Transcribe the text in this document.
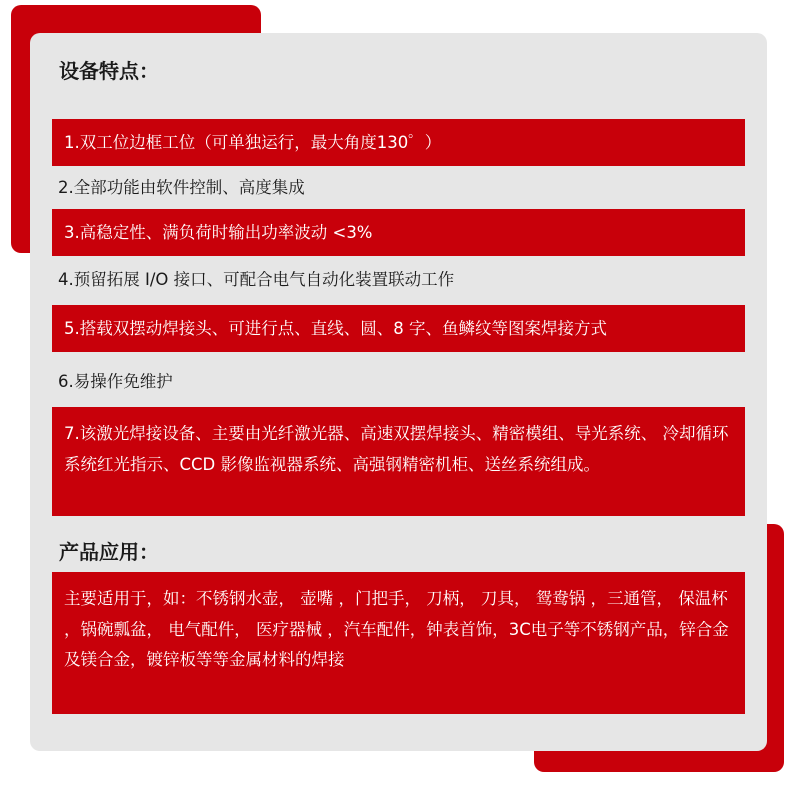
设备特点：
1.双工位边框工位（可单独运行，最大角度130゜）
2.全部功能由软件控制、高度集成
3.高稳定性、满负荷时输出功率波动 <3%
4.预留拓展 I/O 接口、可配合电气自动化装置联动工作
5.搭载双摆动焊接头、可进行点、直线、圆、8 字、鱼鳞纹等图案焊接方式
6.易操作免维护
7.该激光焊接设备、主要由光纤激光器、高速双摆焊接头、精密模组、导光系统、 冷却循环系统红光指示、CCD 影像监视器系统、高强钢精密机柜、送丝系统组成。
产品应用：
主要适用于，如：不锈钢水壶， 壶嘴 ，门把手， 刀柄， 刀具， 鸳鸯锅 ，三通管， 保温杯 ，锅碗瓢盆， 电气配件， 医疗器械 ，汽车配件，钟表首饰，3C电子等不锈钢产品，锌合金及镁合金，镀锌板等等金属材料的焊接
